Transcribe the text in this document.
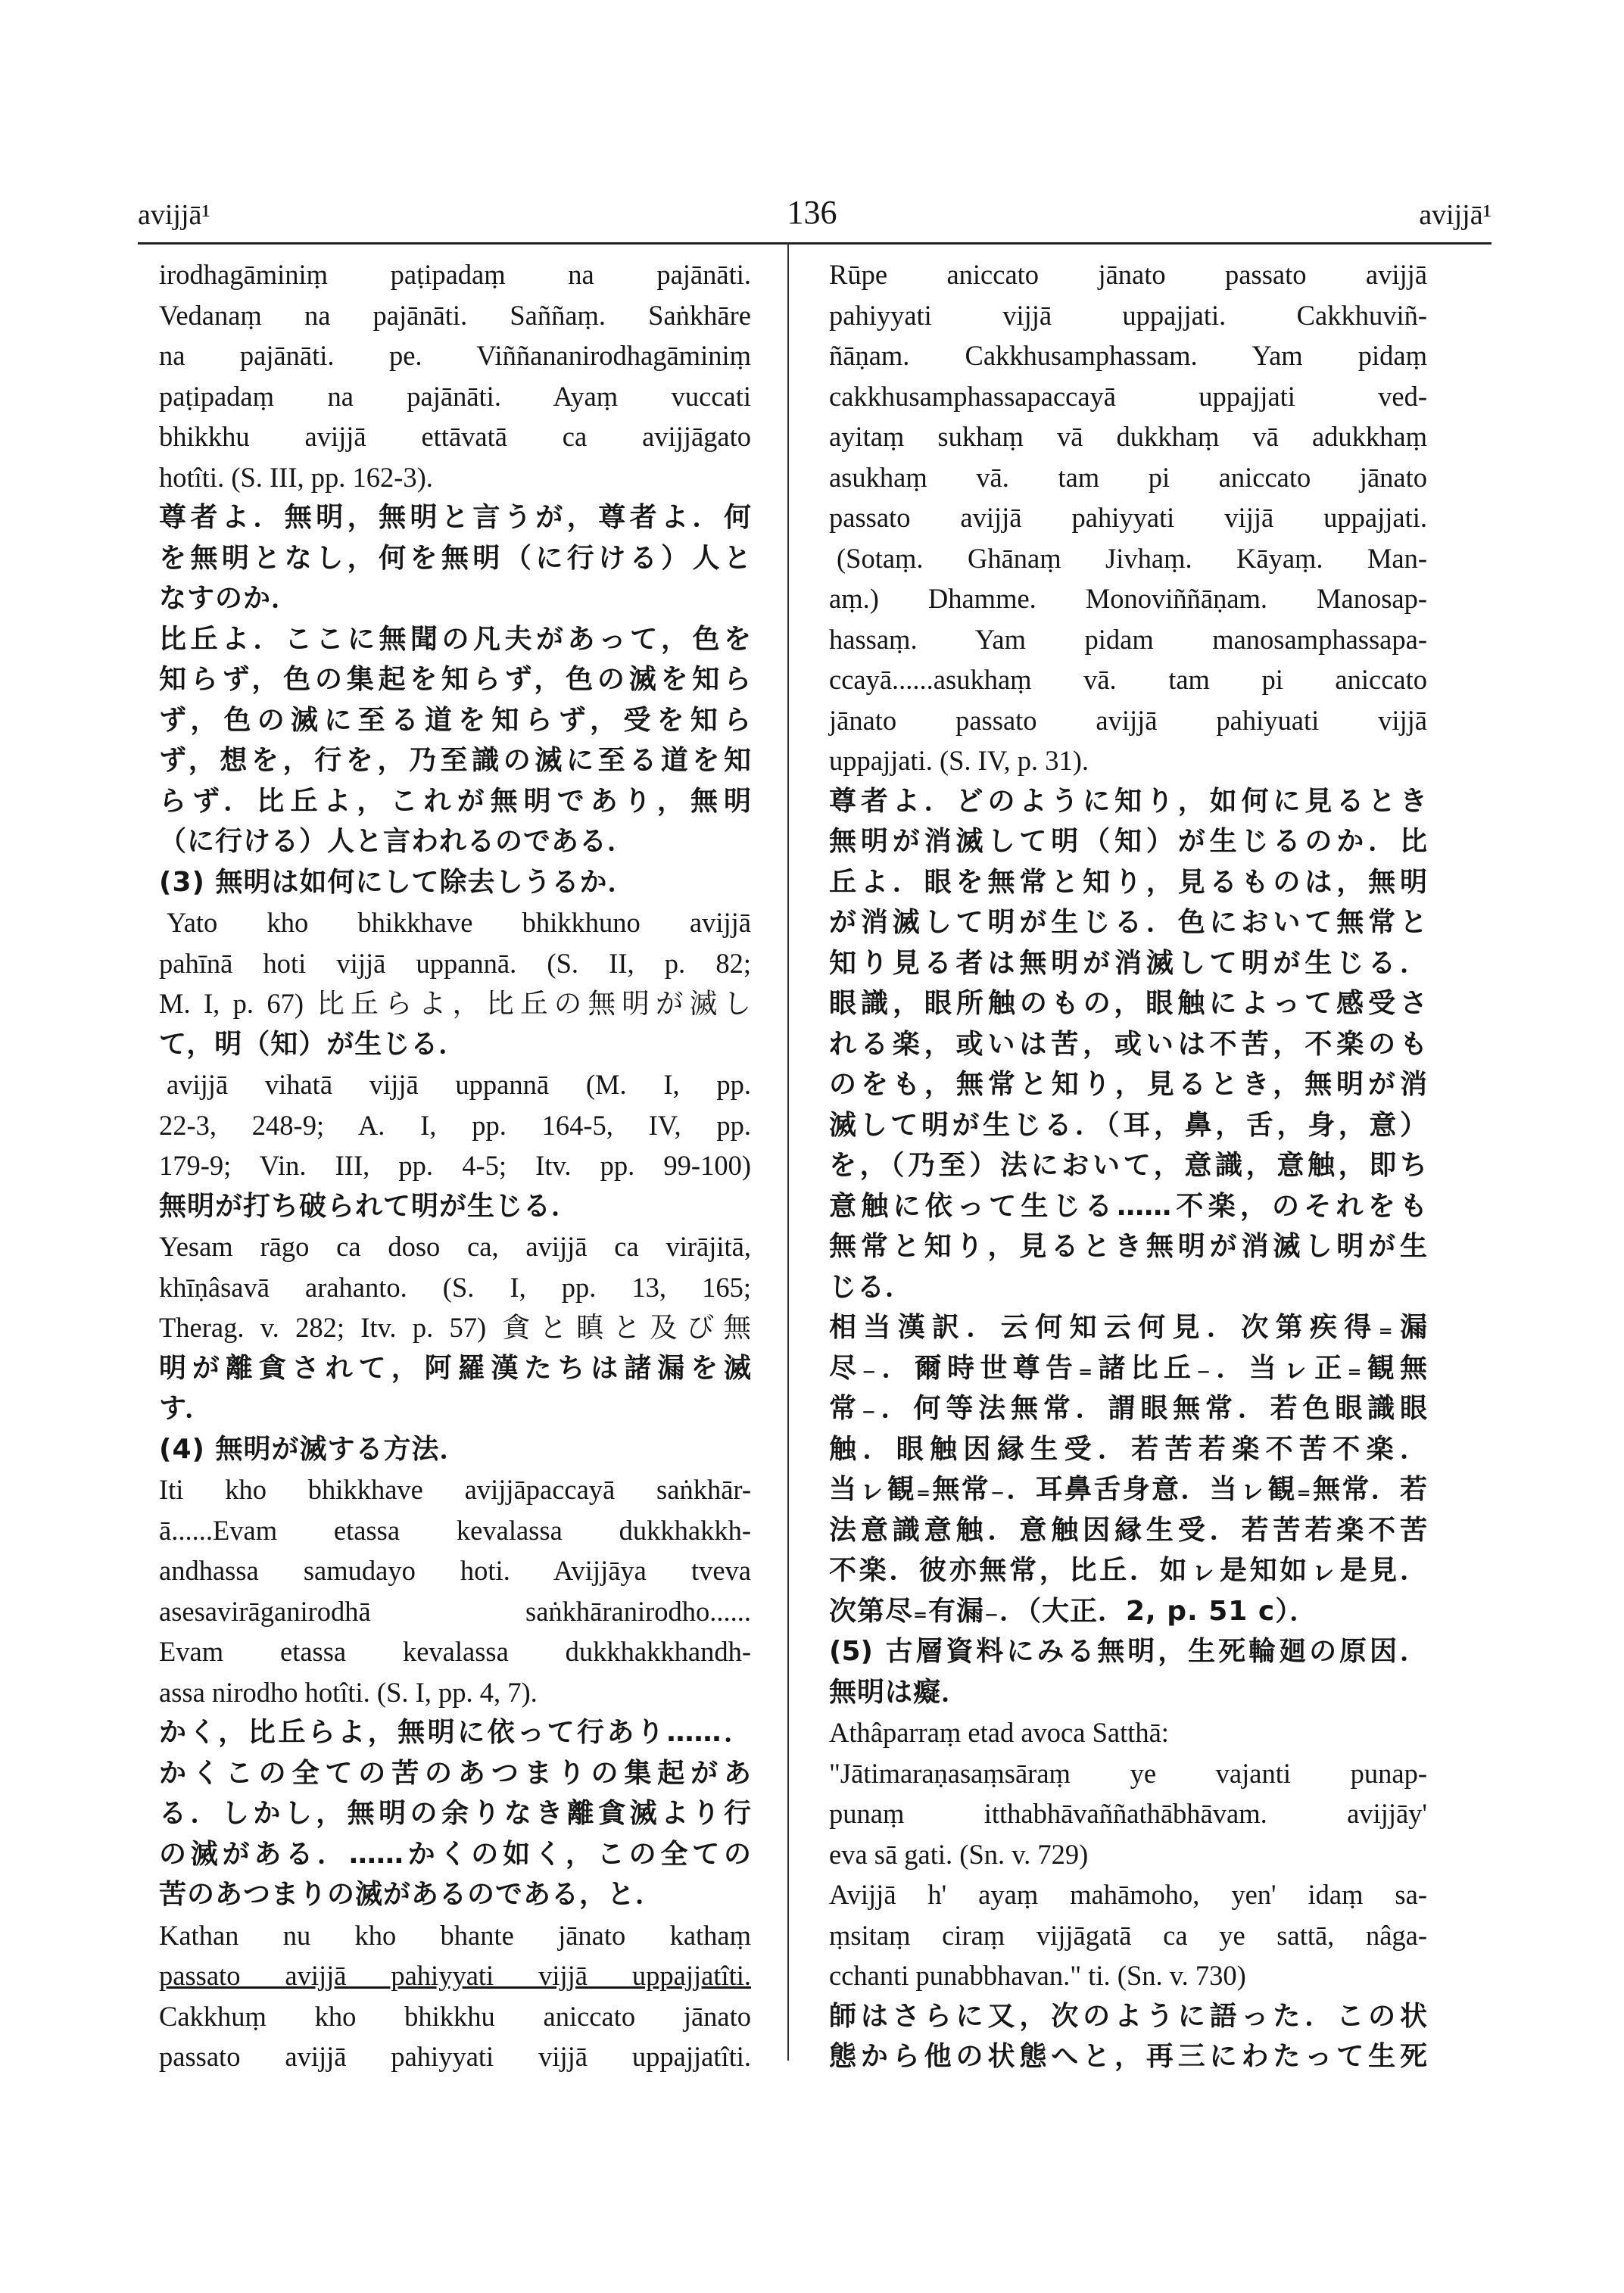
avijjā¹	136	avijjā¹
irodhagāminiṃ paṭipadaṃ na pajānāti.
Vedanaṃ na pajānāti. Saññaṃ. Saṅkhāre
na pajānāti. pe. Viññananirodhagāminiṃ
paṭipadaṃ na pajānāti. Ayaṃ vuccati
bhikkhu avijjā ettāvatā ca avijjāgato
hotîti. (S. III, pp. 162-3).
尊者よ．無明，無明と言うが，尊者よ．何
を無明となし，何を無明（に行ける）人と
なすのか．
比丘よ．ここに無聞の凡夫があって，色を
知らず，色の集起を知らず，色の滅を知ら
ず，色の滅に至る道を知らず，受を知ら
ず，想を，行を，乃至識の滅に至る道を知
らず．比丘よ，これが無明であり，無明
（に行ける）人と言われるのである．
(3) 無明は如何にして除去しうるか．
Yato kho bhikkhave bhikkhuno avijjā
pahīnā hoti vijjā uppannā. (S. II, p. 82;
M. I, p. 67) 比丘らよ，比丘の無明が滅し
て，明（知）が生じる．
avijjā vihatā vijjā uppannā (M. I, pp.
22-3, 248-9; A. I, pp. 164-5, IV, pp.
179-9; Vin. III, pp. 4-5; Itv. pp. 99-100)
無明が打ち破られて明が生じる．
Yesam rāgo ca doso ca, avijjā ca virājitā,
khīṇâsavā arahanto. (S. I, pp. 13, 165;
Therag. v. 282; Itv. p. 57) 貪と瞋と及び無
明が離貪されて，阿羅漢たちは諸漏を滅
す．
(4) 無明が滅する方法．
Iti kho bhikkhave avijjāpaccayā saṅkhār-
ā......Evam etassa kevalassa dukkhakkh-
andhassa samudayo hoti. Avijjāya tveva
asesavirāganirodhā saṅkhāranirodho......
Evam etassa kevalassa dukkhakkhandh-
assa nirodho hotîti. (S. I, pp. 4, 7).
かく，比丘らよ，無明に依って行あり……．
かくこの全ての苦のあつまりの集起があ
る．しかし，無明の余りなき離貪滅より行
の滅がある．……かくの如く，この全ての
苦のあつまりの滅があるのである，と．
Kathan nu kho bhante jānato kathaṃ
passato avijjā pahiyyati vijjā uppajjatîti.
Cakkhuṃ kho bhikkhu aniccato jānato
passato avijjā pahiyyati vijjā uppajjatîti.
Rūpe aniccato jānato passato avijjā
pahiyyati vijjā uppajjati. Cakkhuviñ-
ñāṇam. Cakkhusamphassam. Yam pidaṃ
cakkhusamphassapaccayā uppajjati ved-
ayitaṃ sukhaṃ vā dukkhaṃ vā adukkhaṃ
asukhaṃ vā. tam pi aniccato jānato
passato avijjā pahiyyati vijjā uppajjati.
(Sotaṃ. Ghānaṃ Jivhaṃ. Kāyaṃ. Man-
aṃ.) Dhamme. Monoviññāṇam. Manosap-
hassaṃ. Yam pidam manosamphassapa-
ccayā......asukhaṃ vā. tam pi aniccato
jānato passato avijjā pahiyuati vijjā
uppajjati. (S. IV, p. 31).
尊者よ．どのように知り，如何に見るとき
無明が消滅して明（知）が生じるのか．比
丘よ．眼を無常と知り，見るものは，無明
が消滅して明が生じる．色において無常と
知り見る者は無明が消滅して明が生じる．
眼識，眼所触のもの，眼触によって感受さ
れる楽，或いは苦，或いは不苦，不楽のも
のをも，無常と知り，見るとき，無明が消
滅して明が生じる．（耳，鼻，舌，身，意）
を，（乃至）法において，意識，意触，即ち
意触に依って生じる……不楽，のそれをも
無常と知り，見るとき無明が消滅し明が生
じる．
相当漢訳．云何知云何見．次第疾得₌漏
尽₋．爾時世尊告₌諸比丘₋．当ㇾ正₌観無
常₋．何等法無常．謂眼無常．若色眼識眼
触．眼触因縁生受．若苦若楽不苦不楽．
当ㇾ観₌無常₋．耳鼻舌身意．当ㇾ観₌無常．若
法意識意触．意触因縁生受．若苦若楽不苦
不楽．彼亦無常，比丘．如ㇾ是知如ㇾ是見．
次第尽₌有漏₋．（大正．2, p. 51 c）．
(5) 古層資料にみる無明，生死輪廻の原因．
無明は癡．
Athâparraṃ etad avoca Satthā:
"Jātimaraṇasaṃsāraṃ ye vajanti punap-
punaṃ itthabhāvaññathābhāvam. avijjāy'
eva sā gati. (Sn. v. 729)
Avijjā h' ayaṃ mahāmoho, yen' idaṃ sa-
ṃsitaṃ ciraṃ vijjāgatā ca ye sattā, nâga-
cchanti punabbhavan." ti. (Sn. v. 730)
師はさらに又，次のように語った．この状
態から他の状態へと，再三にわたって生死
